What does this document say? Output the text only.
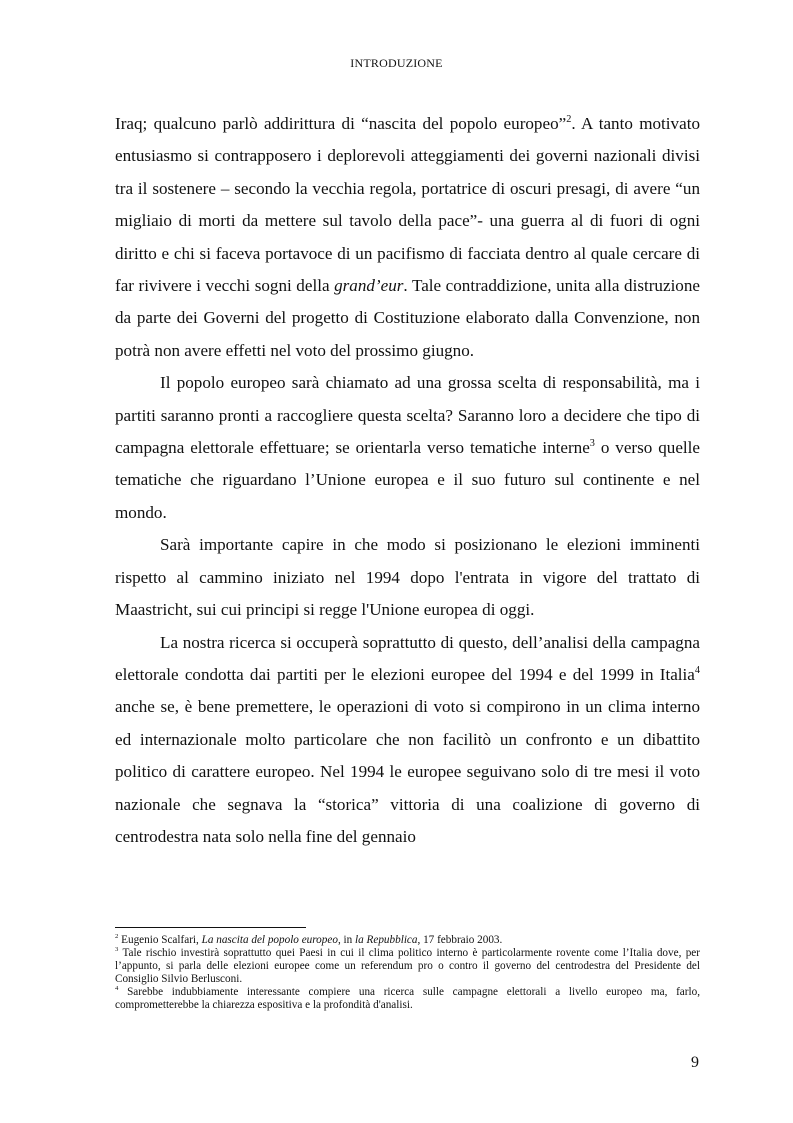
INTRODUZIONE

Iraq; qualcuno parlò addirittura di “nascita del popolo europeo”$^2$. A tanto motivato entusiasmo si contrapposero i deplorevoli atteggiamenti dei governi nazionali divisi tra il sostenere – secondo la vecchia regola, portatrice di oscuri presagi, di avere “un migliaio di morti da mettere sul tavolo della pace”- una guerra al di fuori di ogni diritto e chi si faceva portavoce di un pacifismo di facciata dentro al quale cercare di far rivivere i vecchi sogni della grand’eur. Tale contraddizione, unita alla distruzione da parte dei Governi del progetto di Costituzione elaborato dalla Convenzione, non potrà non avere effetti nel voto del prossimo giugno.

Il popolo europeo sarà chiamato ad una grossa scelta di responsabilità, ma i partiti saranno pronti a raccogliere questa scelta? Saranno loro a decidere che tipo di campagna elettorale effettuare; se orientarla verso tematiche interne$^3$ o verso quelle tematiche che riguardano l’Unione europea e il suo futuro sul continente e nel mondo.

Sarà importante capire in che modo si posizionano le elezioni imminenti rispetto al cammino iniziato nel 1994 dopo l'entrata in vigore del trattato di Maastricht, sui cui principi si regge l'Unione europea di oggi.

La nostra ricerca si occuperà soprattutto di questo, dell’analisi della campagna elettorale condotta dai partiti per le elezioni europee del 1994 e del 1999 in Italia$^4$ anche se, è bene premettere, le operazioni di voto si compirono in un clima interno ed internazionale molto particolare che non facilitò un confronto e un dibattito politico di carattere europeo. Nel 1994 le europee seguivano solo di tre mesi il voto nazionale che segnava la “storica” vittoria di una coalizione di governo di centrodestra nata solo nella fine del gennaio

$^2$ Eugenio Scalfari, La nascita del popolo europeo, in la Repubblica, 17 febbraio 2003.

$^3$ Tale rischio investirà soprattutto quei Paesi in cui il clima politico interno è particolarmente rovente come l’Italia dove, per l’appunto, si parla delle elezioni europee come un referendum pro o contro il governo del centrodestra del Presidente del Consiglio Silvio Berlusconi.

$^4$ Sarebbe indubbiamente interessante compiere una ricerca sulle campagne elettorali a livello europeo ma, farlo, comprometterebbe la chiarezza espositiva e la profondità d'analisi.

9
